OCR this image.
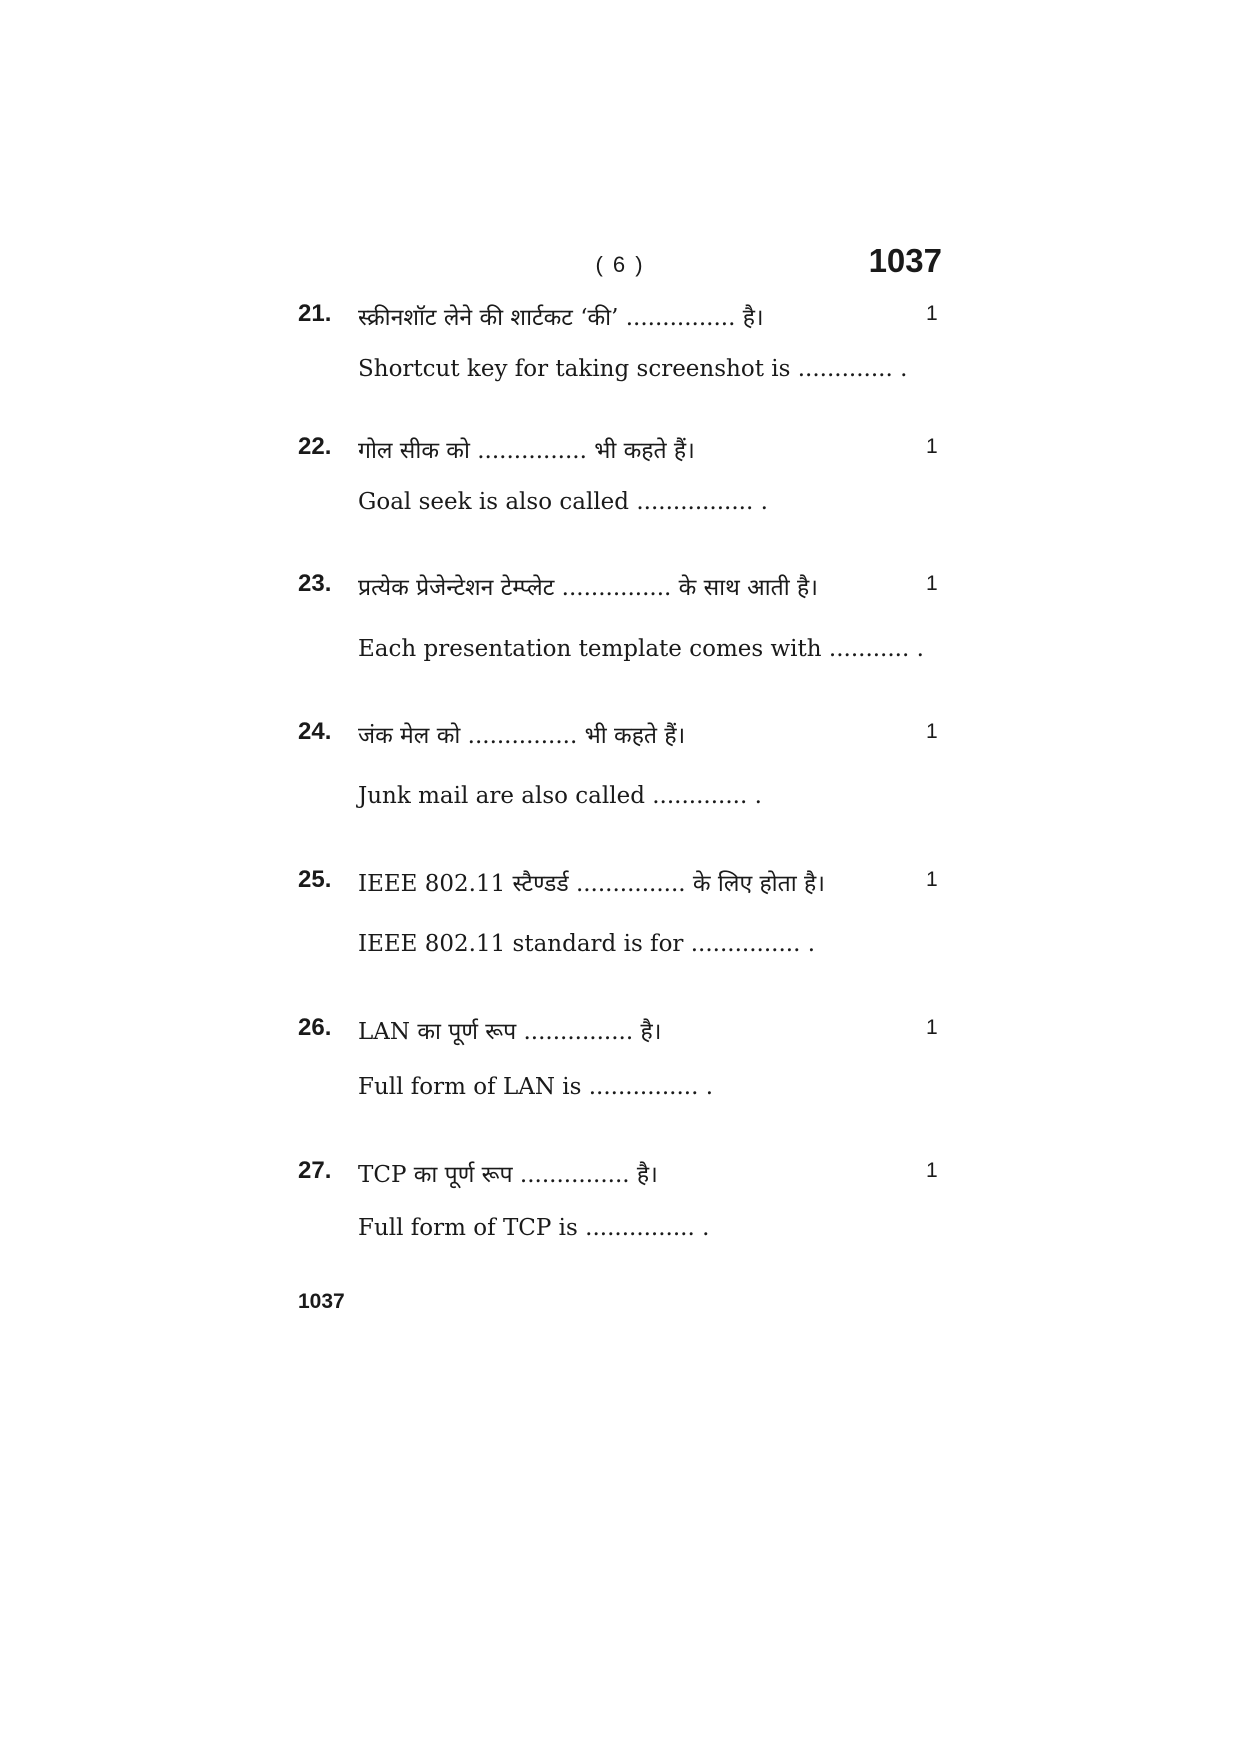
( 6 )	1037
21. स्क्रीनशॉट लेने की शार्टकट ‘की’ ............... है।	1
Shortcut key for taking screenshot is ............. .
22. गोल सीक को ............... भी कहते हैं।	1
Goal seek is also called ................ .
23. प्रत्येक प्रेजेन्टेशन टेम्प्लेट ............... के साथ आती है।	1
Each presentation template comes with ........... .
24. जंक मेल को ............... भी कहते हैं।	1
Junk mail are also called ............. .
25. IEEE 802.11 स्टैण्डर्ड ............... के लिए होता है।	1
IEEE 802.11 standard is for ............... .
26. LAN का पूर्ण रूप ............... है।	1
Full form of LAN is ............... .
27. TCP का पूर्ण रूप ............... है।	1
Full form of TCP is ............... .
1037
